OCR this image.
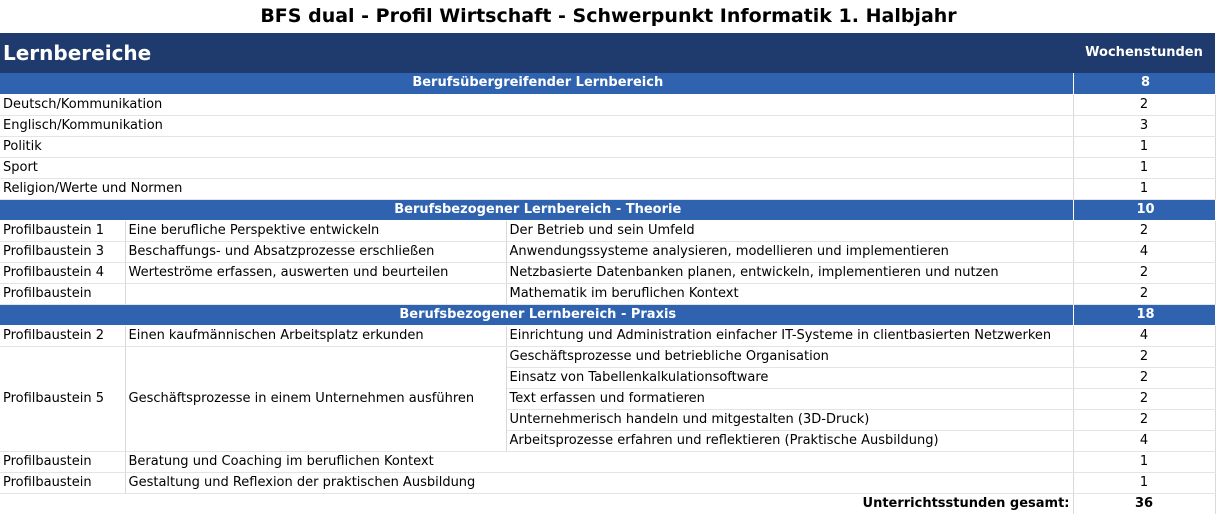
BFS dual - Profil Wirtschaft - Schwerpunkt Informatik 1. Halbjahr
Lernbereiche			Wochenstunden
Berufsübergreifender Lernbereich			8
Deutsch/Kommunikation			2
Englisch/Kommunikation			3
Politik			1
Sport			1
Religion/Werte und Normen			1
Berufsbezogener Lernbereich - Theorie			10
Profilbaustein 1	Eine berufliche Perspektive entwickeln	Der Betrieb und sein Umfeld	2
Profilbaustein 3	Beschaffungs- und Absatzprozesse erschließen	Anwendungssysteme analysieren, modellieren und implementieren	4
Profilbaustein 4	Werteströme erfassen, auswerten und beurteilen	Netzbasierte Datenbanken planen, entwickeln, implementieren und nutzen	2
Profilbaustein		Mathematik im beruflichen Kontext	2
Berufsbezogener Lernbereich - Praxis			18
Profilbaustein 2	Einen kaufmännischen Arbeitsplatz erkunden	Einrichtung und Administration einfacher IT-Systeme in clientbasierten Netzwerken	4
Profilbaustein 5	Geschäftsprozesse in einem Unternehmen ausführen	Geschäftsprozesse und betriebliche Organisation	2
		Einsatz von Tabellenkalkulationsoftware	2
		Text erfassen und formatieren	2
		Unternehmerisch handeln und mitgestalten (3D-Druck)	2
		Arbeitsprozesse erfahren und reflektieren (Praktische Ausbildung)	4
Profilbaustein	Beratung und Coaching im beruflichen Kontext		1
Profilbaustein	Gestaltung und Reflexion der praktischen Ausbildung		1
Unterrichtsstunden gesamt:			36
